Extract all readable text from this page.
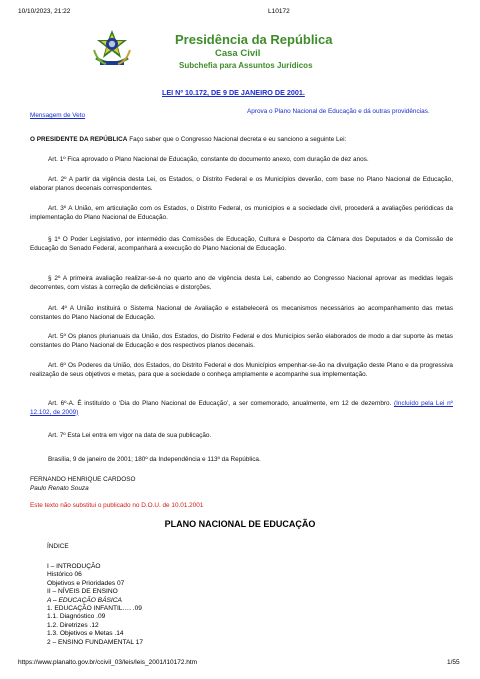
10/10/2023, 21:22	L10172
Presidência da República
Casa Civil
Subchefia para Assuntos Jurídicos
LEI Nº 10.172, DE 9 DE JANEIRO DE 2001.
Mensagem de Veto
Aprova o Plano Nacional de Educação e dá outras providências.
O PRESIDENTE DA REPÚBLICA Faço saber que o Congresso Nacional decreta e eu sanciono a seguinte Lei:
Art. 1º Fica aprovado o Plano Nacional de Educação, constante do documento anexo, com duração de dez anos.
Art. 2º A partir da vigência desta Lei, os Estados, o Distrito Federal e os Municípios deverão, com base no Plano Nacional de Educação, elaborar planos decenais correspondentes.
Art. 3º A União, em articulação com os Estados, o Distrito Federal, os municípios e a sociedade civil, procederá a avaliações periódicas da implementação do Plano Nacional de Educação.
§ 1º O Poder Legislativo, por intermédio das Comissões de Educação, Cultura e Desporto da Câmara dos Deputados e da Comissão de Educação do Senado Federal, acompanhará a execução do Plano Nacional de Educação.
§ 2º A primeira avaliação realizar-se-á no quarto ano de vigência desta Lei, cabendo ao Congresso Nacional aprovar as medidas legais decorrentes, com vistas à correção de deficiências e distorções.
Art. 4º A União instituirá o Sistema Nacional de Avaliação e estabelecerá os mecanismos necessários ao acompanhamento das metas constantes do Plano Nacional de Educação.
Art. 5º Os planos plurianuais da União, dos Estados, do Distrito Federal e dos Municípios serão elaborados de modo a dar suporte às metas constantes do Plano Nacional de Educação e dos respectivos planos decenais.
Art. 6º Os Poderes da União, dos Estados, do Distrito Federal e dos Municípios empenhar-se-ão na divulgação deste Plano e da progressiva realização de seus objetivos e metas, para que a sociedade o conheça amplamente e acompanhe sua implementação.
Art. 6º-A. É instituído o ‘Dia do Plano Nacional de Educação’, a ser comemorado, anualmente, em 12 de dezembro. (Incluído pela Lei nº 12.102, de 2009)
Art. 7º Esta Lei entra em vigor na data de sua publicação.
Brasília, 9 de janeiro de 2001; 180º da Independência e 113º da República.
FERNANDO HENRIQUE CARDOSO
Paulo Renato Souza
Este texto não substitui o publicado no D.O.U. de 10.01.2001
PLANO NACIONAL DE EDUCAÇÃO
ÍNDICE
I – INTRODUÇÃO
Histórico 06
Objetivos e Prioridades 07
II – NÍVEIS DE ENSINO
A – EDUCAÇÃO BÁSICA
1. EDUCAÇÃO INFANTIL…. .09
1.1. Diagnóstico .09
1.2. Diretrizes .12
1.3. Objetivos e Metas .14
2 – ENSINO FUNDAMENTAL 17
https://www.planalto.gov.br/ccivil_03/leis/leis_2001/l10172.htm	1/55
